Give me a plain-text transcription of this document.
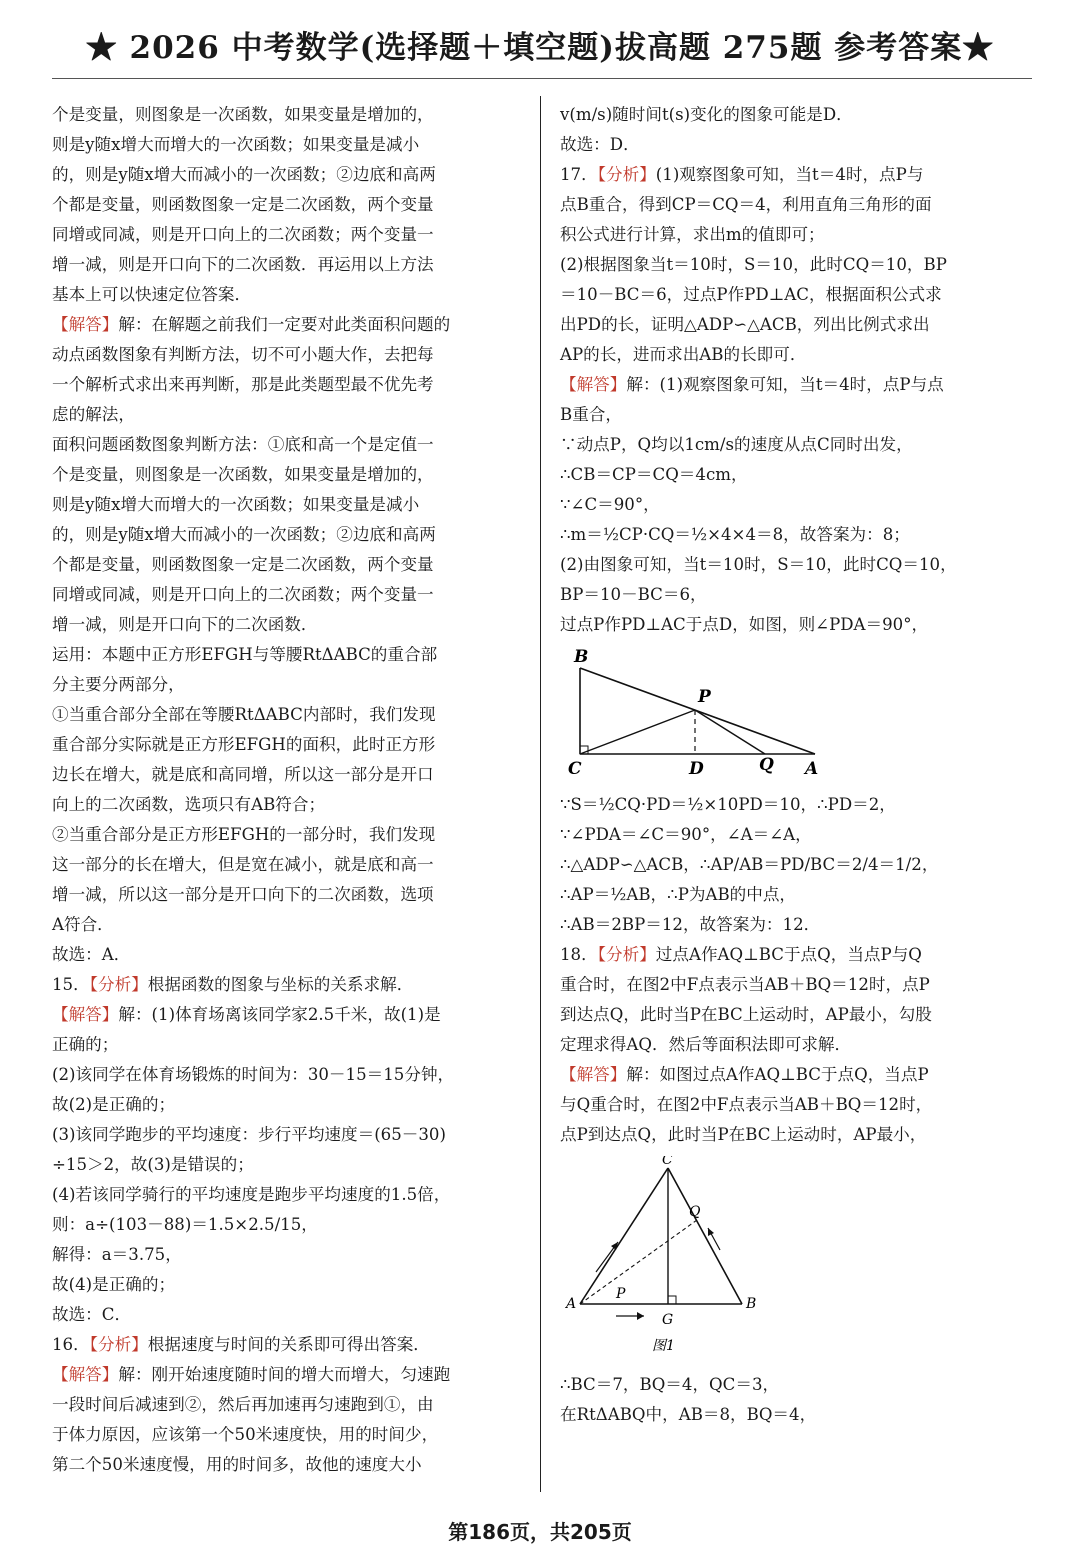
★ 2026 中考数学(选择题＋填空题)拔高题 275题 参考答案★

个是变量，则图象是一次函数，如果变量是增加的，

则是y随x增大而增大的一次函数；如果变量是减小

的，则是y随x增大而减小的一次函数；②边底和高两

个都是变量，则函数图象一定是二次函数，两个变量

同增或同减，则是开口向上的二次函数；两个变量一

增一减，则是开口向下的二次函数．再运用以上方法

基本上可以快速定位答案．

【解答】解：在解题之前我们一定要对此类面积问题的

动点函数图象有判断方法，切不可小题大作，去把每

一个解析式求出来再判断，那是此类题型最不优先考

虑的解法，

面积问题函数图象判断方法：①底和高一个是定值一

个是变量，则图象是一次函数，如果变量是增加的，

则是y随x增大而增大的一次函数；如果变量是减小

的，则是y随x增大而减小的一次函数；②边底和高两

个都是变量，则函数图象一定是二次函数，两个变量

同增或同减，则是开口向上的二次函数；两个变量一

增一减，则是开口向下的二次函数．

运用：本题中正方形EFGH与等腰RtΔABC的重合部

分主要分两部分，

①当重合部分全部在等腰RtΔABC内部时，我们发现

重合部分实际就是正方形EFGH的面积，此时正方形

边长在增大，就是底和高同增，所以这一部分是开口

向上的二次函数，选项只有AB符合；

②当重合部分是正方形EFGH的一部分时，我们发现

这一部分的长在增大，但是宽在减小，就是底和高一

增一减，所以这一部分是开口向下的二次函数，选项

A符合．

故选：A．

15．【分析】根据函数的图象与坐标的关系求解．

【解答】解：(1)体育场离该同学家2.5千米，故(1)是

正确的；

(2)该同学在体育场锻炼的时间为：30－15＝15分钟，

故(2)是正确的；

(3)该同学跑步的平均速度：步行平均速度＝(65－30)

÷15＞2，故(3)是错误的；

(4)若该同学骑行的平均速度是跑步平均速度的1.5倍，

则：a÷(103－88)＝1.5×2.5/15，

解得：a＝3.75，

故(4)是正确的；

故选：C．

16．【分析】根据速度与时间的关系即可得出答案．

【解答】解：刚开始速度随时间的增大而增大，匀速跑

一段时间后减速到②，然后再加速再匀速跑到①，由

于体力原因，应该第一个50米速度快，用的时间少，

第二个50米速度慢，用的时间多，故他的速度大小

v(m/s)随时间t(s)变化的图象可能是D．

故选：D．

17．【分析】(1)观察图象可知，当t＝4时，点P与

点B重合，得到CP＝CQ＝4，利用直角三角形的面

积公式进行计算，求出m的值即可；

(2)根据图象当t＝10时，S＝10，此时CQ＝10，BP

＝10－BC＝6，过点P作PD⊥AC，根据面积公式求

出PD的长，证明△ADP∽△ACB，列出比例式求出

AP的长，进而求出AB的长即可．

【解答】解：(1)观察图象可知，当t＝4时，点P与点

B重合，

∵动点P，Q均以1cm/s的速度从点C同时出发，

∴CB＝CP＝CQ＝4cm，

∵∠C＝90°，

∴m＝½CP·CQ＝½×4×4＝8，故答案为：8；

(2)由图象可知，当t＝10时，S＝10，此时CQ＝10，

BP＝10－BC＝6，

过点P作PD⊥AC于点D，如图，则∠PDA＝90°，

B
C	D	Q A
P

∵S＝½CQ·PD＝½×10PD＝10，∴PD＝2，

∵∠PDA＝∠C＝90°，∠A＝∠A，

∴△ADP∽△ACB，∴AP/AB＝PD/BC＝2/4＝1/2，

∴AP＝½AB，∴P为AB的中点，

∴AB＝2BP＝12，故答案为：12．

18．【分析】过点A作AQ⊥BC于点Q，当点P与Q

重合时，在图2中F点表示当AB＋BQ＝12时，点P

到达点Q，此时当P在BC上运动时，AP最小，勾股

定理求得AQ．然后等面积法即可求解．

【解答】解：如图过点A作AQ⊥BC于点Q，当点P

与Q重合时，在图2中F点表示当AB＋BQ＝12时，

点P到达点Q，此时当P在BC上运动时，AP最小，

C
Q
A
P
G
B
图1

∴BC＝7，BQ＝4，QC＝3，

在RtΔABQ中，AB＝8，BQ＝4，

第186页，共205页
